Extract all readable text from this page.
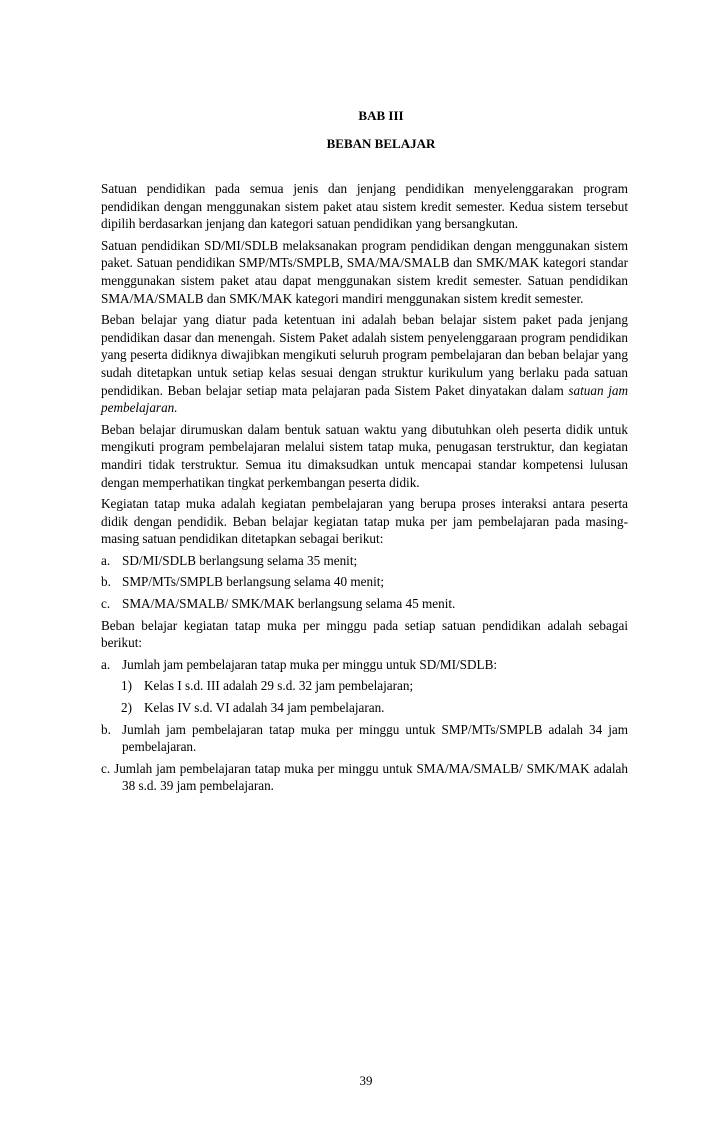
BAB III
BEBAN BELAJAR

Satuan pendidikan pada semua jenis dan jenjang pendidikan menyelenggarakan program pendidikan dengan menggunakan sistem paket atau sistem kredit semester. Kedua sistem tersebut dipilih berdasarkan jenjang dan kategori satuan pendidikan yang bersangkutan.

Satuan pendidikan SD/MI/SDLB melaksanakan program pendidikan dengan menggunakan sistem paket. Satuan pendidikan SMP/MTs/SMPLB, SMA/MA/SMALB dan SMK/MAK kategori standar menggunakan sistem paket atau dapat menggunakan sistem kredit semester. Satuan pendidikan SMA/MA/SMALB dan SMK/MAK kategori mandiri menggunakan sistem kredit semester.

Beban belajar yang diatur pada ketentuan ini adalah beban belajar sistem paket pada jenjang pendidikan dasar dan menengah. Sistem Paket adalah sistem penyelenggaraan program pendidikan yang peserta didiknya diwajibkan mengikuti seluruh program pembelajaran dan beban belajar yang sudah ditetapkan untuk setiap kelas sesuai dengan struktur kurikulum yang berlaku pada satuan pendidikan. Beban belajar setiap mata pelajaran pada Sistem Paket dinyatakan dalam satuan jam pembelajaran.

Beban belajar dirumuskan dalam bentuk satuan waktu yang dibutuhkan oleh peserta didik untuk mengikuti program pembelajaran melalui sistem tatap muka, penugasan terstruktur, dan kegiatan mandiri tidak terstruktur. Semua itu dimaksudkan untuk mencapai standar kompetensi lulusan dengan memperhatikan tingkat perkembangan peserta didik.

Kegiatan tatap muka adalah kegiatan pembelajaran yang berupa proses interaksi antara peserta didik dengan pendidik. Beban belajar kegiatan tatap muka per jam pembelajaran pada masing-masing satuan pendidikan ditetapkan sebagai berikut:

a. SD/MI/SDLB berlangsung selama 35 menit;
b. SMP/MTs/SMPLB berlangsung selama 40 menit;
c. SMA/MA/SMALB/ SMK/MAK berlangsung selama 45 menit.

Beban belajar kegiatan tatap muka per minggu pada setiap satuan pendidikan adalah sebagai berikut:

a. Jumlah jam pembelajaran tatap muka per minggu untuk SD/MI/SDLB:
1) Kelas I s.d. III adalah 29 s.d. 32 jam pembelajaran;
2) Kelas IV s.d. VI adalah 34 jam pembelajaran.
b. Jumlah jam pembelajaran tatap muka per minggu untuk SMP/MTs/SMPLB adalah 34 jam pembelajaran.

c. Jumlah jam pembelajaran tatap muka per minggu untuk SMA/MA/SMALB/ SMK/MAK adalah 38 s.d. 39 jam pembelajaran.

39
